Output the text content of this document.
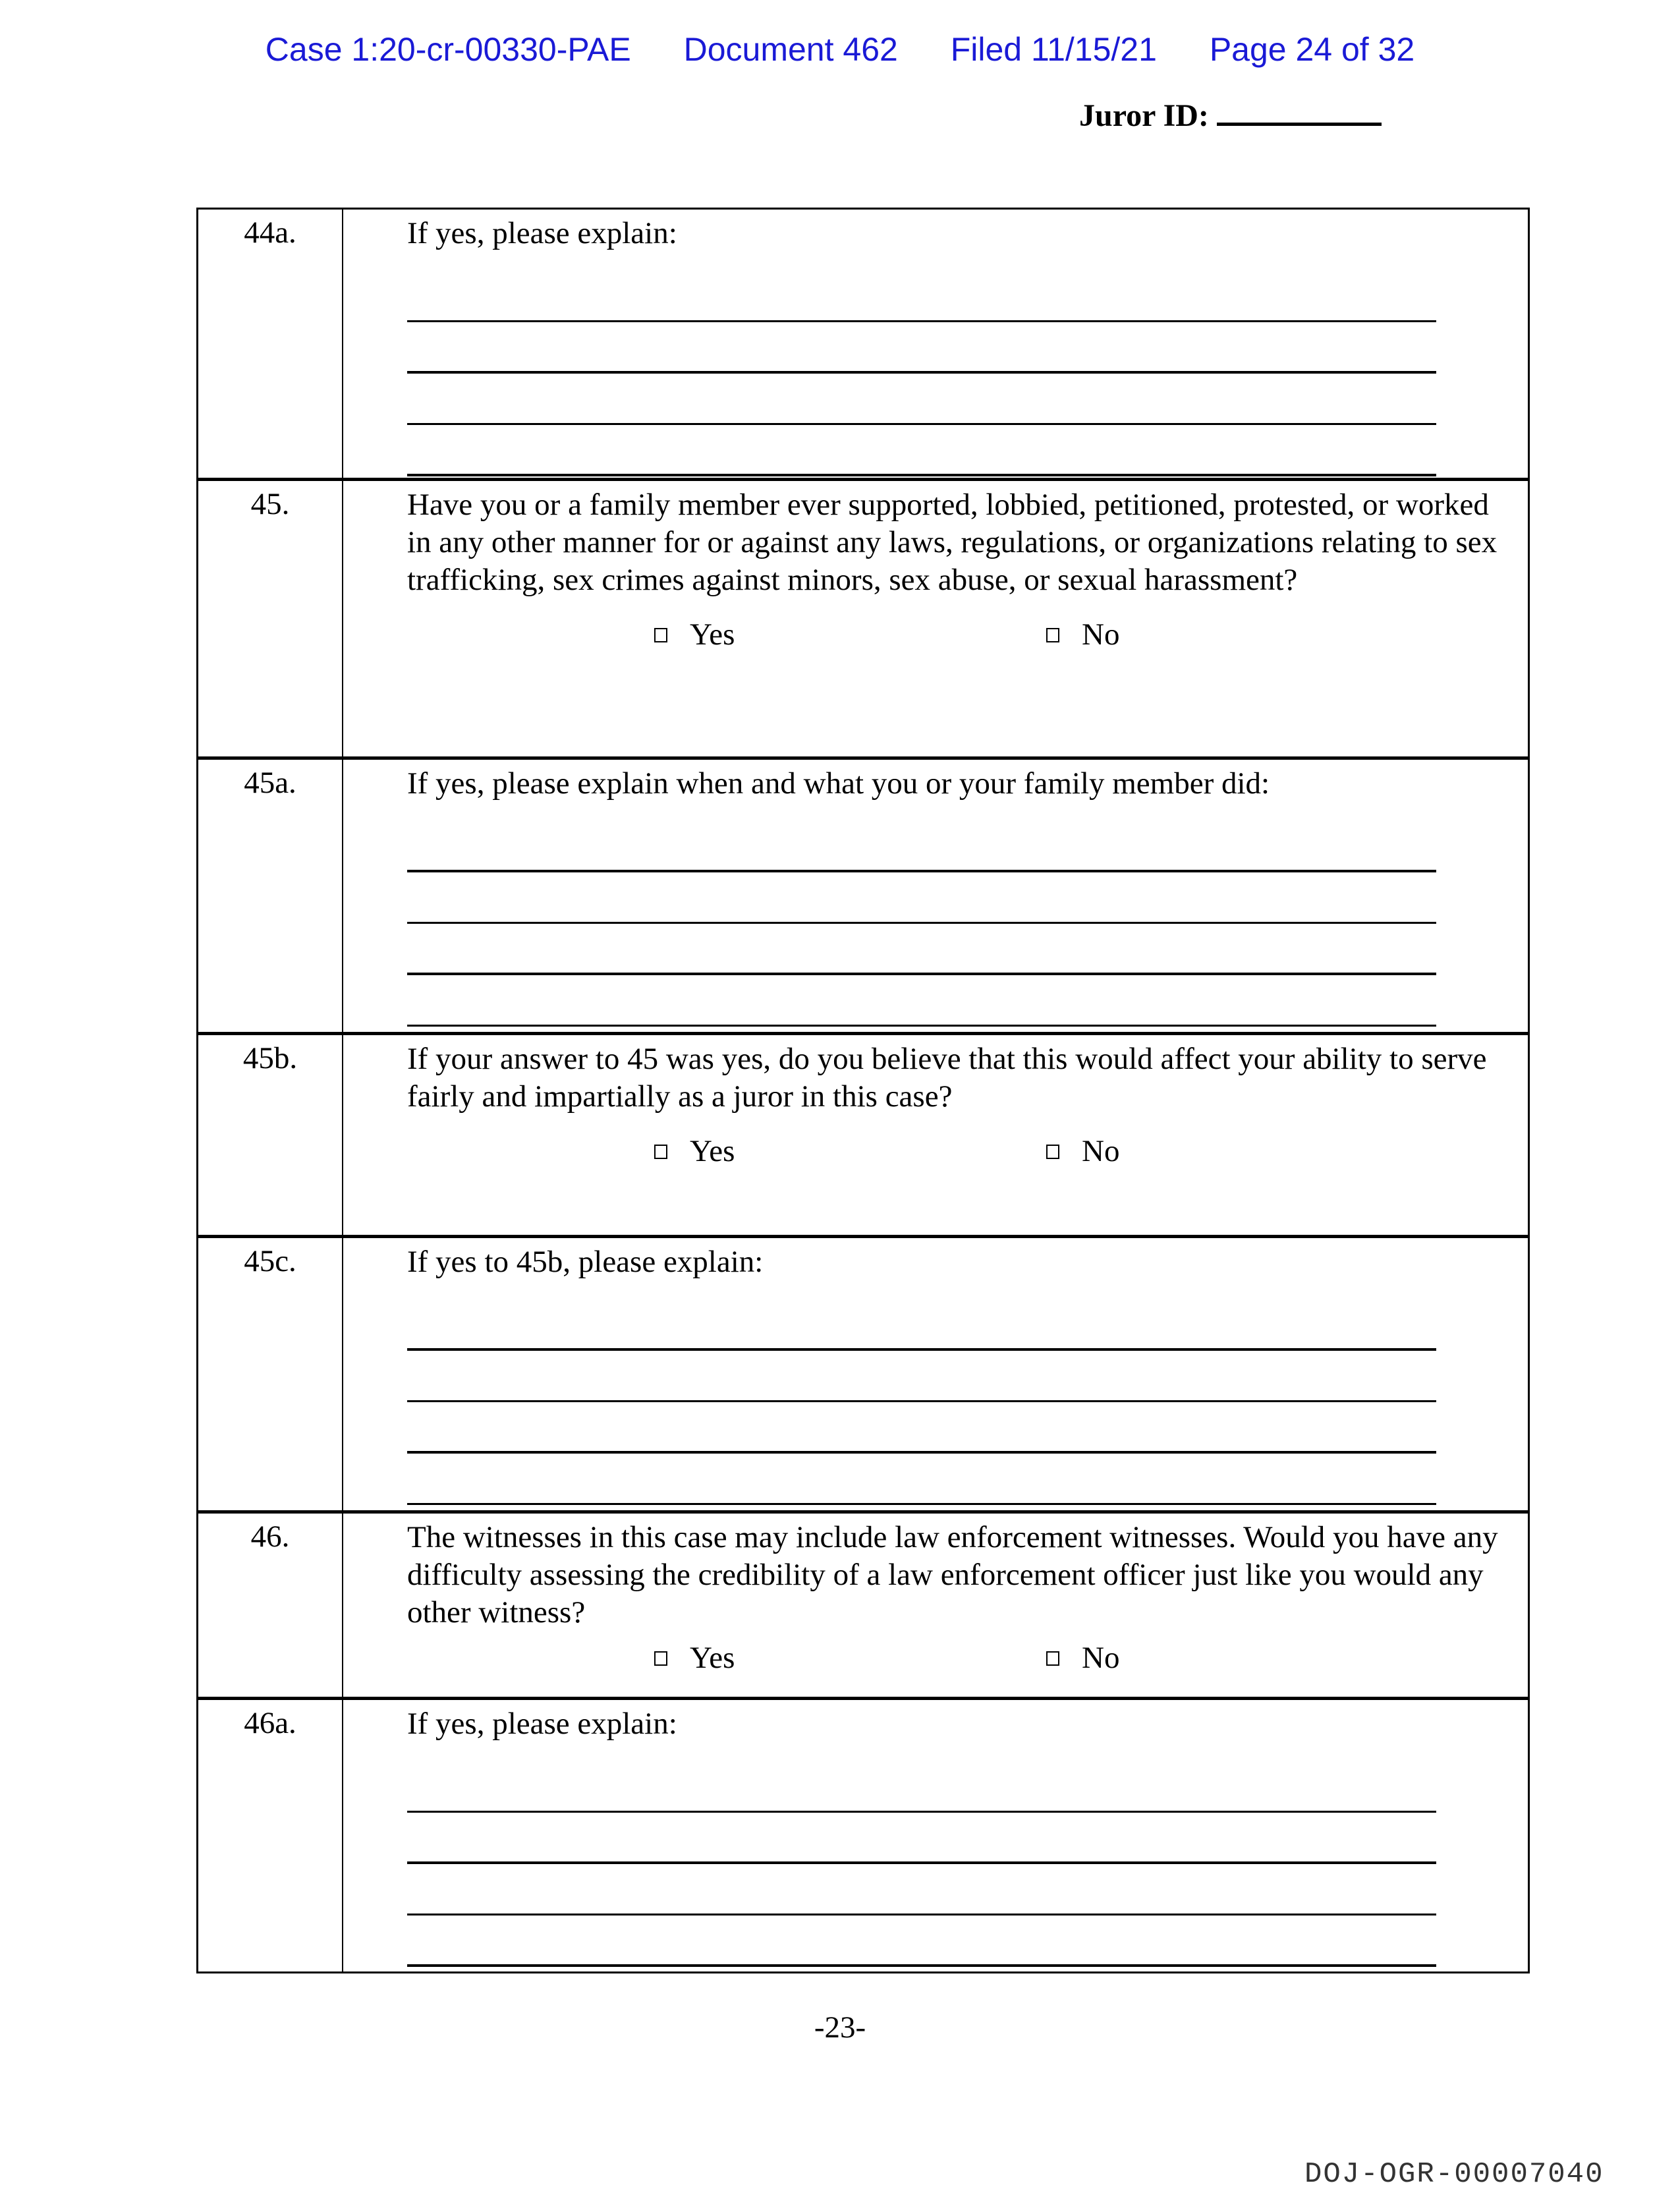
Case 1:20-cr-00330-PAE Document 462 Filed 11/15/21 Page 24 of 32
Juror ID:
44a.	If yes, please explain:
45.	Have you or a family member ever supported, lobbied, petitioned, protested, or worked in any other manner for or against any laws, regulations, or organizations relating to sex trafficking, sex crimes against minors, sex abuse, or sexual harassment?
Yes	No
45a.	If yes, please explain when and what you or your family member did:
45b.	If your answer to 45 was yes, do you believe that this would affect your ability to serve fairly and impartially as a juror in this case?
Yes	No
45c.	If yes to 45b, please explain:
46.	The witnesses in this case may include law enforcement witnesses. Would you have any difficulty assessing the credibility of a law enforcement officer just like you would any other witness?
Yes	No
46a.	If yes, please explain:
-23-
DOJ-OGR-00007040
